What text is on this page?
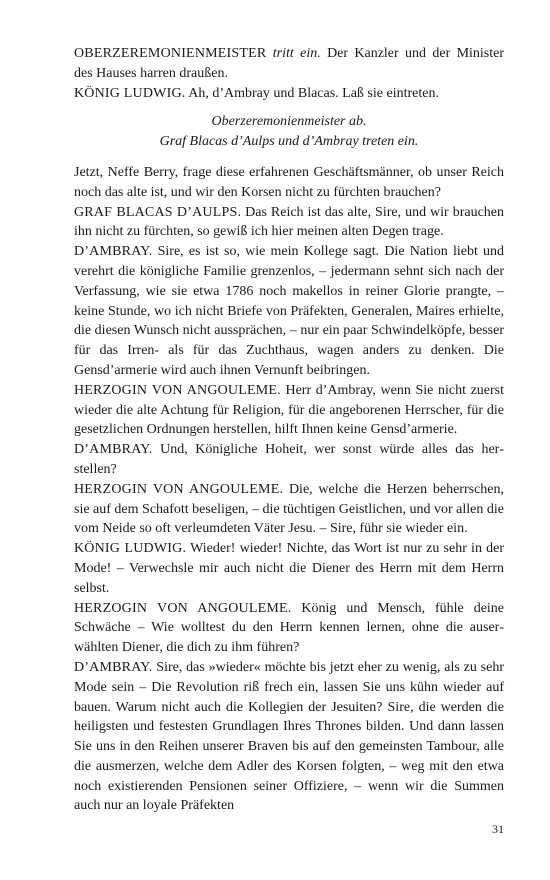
OBERZEREMONIENMEISTER tritt ein. Der Kanzler und der Minister des Hauses harren draußen.

KÖNIG LUDWIG. Ah, d’Ambray und Blacas. Laß sie eintreten.

Oberzeremonienmeister ab.

Graf Blacas d’Aulps und d’Ambray treten ein.

Jetzt, Neffe Berry, frage diese erfahrenen Geschäftsmänner, ob unser Reich noch das alte ist, und wir den Korsen nicht zu fürchten brauchen?

GRAF BLACAS D’AULPS. Das Reich ist das alte, Sire, und wir brauchen ihn nicht zu fürchten, so gewiß ich hier meinen alten Degen trage.

D’AMBRAY. Sire, es ist so, wie mein Kollege sagt. Die Nation liebt und verehrt die königliche Familie grenzenlos, – jedermann sehnt sich nach der Verfassung, wie sie etwa 1786 noch makellos in reiner Glorie prangte, – keine Stunde, wo ich nicht Briefe von Präfekten, Generalen, Maires erhielte, die diesen Wunsch nicht aussprächen, – nur ein paar Schwindelköpfe, besser für das Irren- als für das Zuchthaus, wagen anders zu denken. Die Gensd’armerie wird auch ihnen Vernunft beibringen.

HERZOGIN VON ANGOULEME. Herr d’Ambray, wenn Sie nicht zuerst wieder die alte Achtung für Religion, für die angeborenen Herrscher, für die gesetzlichen Ordnungen herstellen, hilft Ihnen keine Gensd’armerie.

D’AMBRAY. Und, Königliche Hoheit, wer sonst würde alles das herstellen?

HERZOGIN VON ANGOULEME. Die, welche die Herzen beherrschen, sie auf dem Schafott beseligen, – die tüchtigen Geistlichen, und vor allen die vom Neide so oft verleumdeten Väter Jesu. – Sire, führ sie wieder ein.

KÖNIG LUDWIG. Wieder! wieder! Nichte, das Wort ist nur zu sehr in der Mode! – Verwechsle mir auch nicht die Diener des Herrn mit dem Herrn selbst.

HERZOGIN VON ANGOULEME. König und Mensch, fühle deine Schwäche – Wie wolltest du den Herrn kennen lernen, ohne die auserwählten Diener, die dich zu ihm führen?

D’AMBRAY. Sire, das »wieder« möchte bis jetzt eher zu wenig, als zu sehr Mode sein – Die Revolution riß frech ein, lassen Sie uns kühn wieder auf bauen. Warum nicht auch die Kollegien der Jesuiten? Sire, die werden die heiligsten und festesten Grundlagen Ihres Thrones bilden. Und dann lassen Sie uns in den Reihen unserer Braven bis auf den gemeinsten Tambour, alle die ausmerzen, welche dem Adler des Korsen folgten, – weg mit den etwa noch existierenden Pensionen seiner Offiziere, – wenn wir die Summen auch nur an loyale Präfekten

31
